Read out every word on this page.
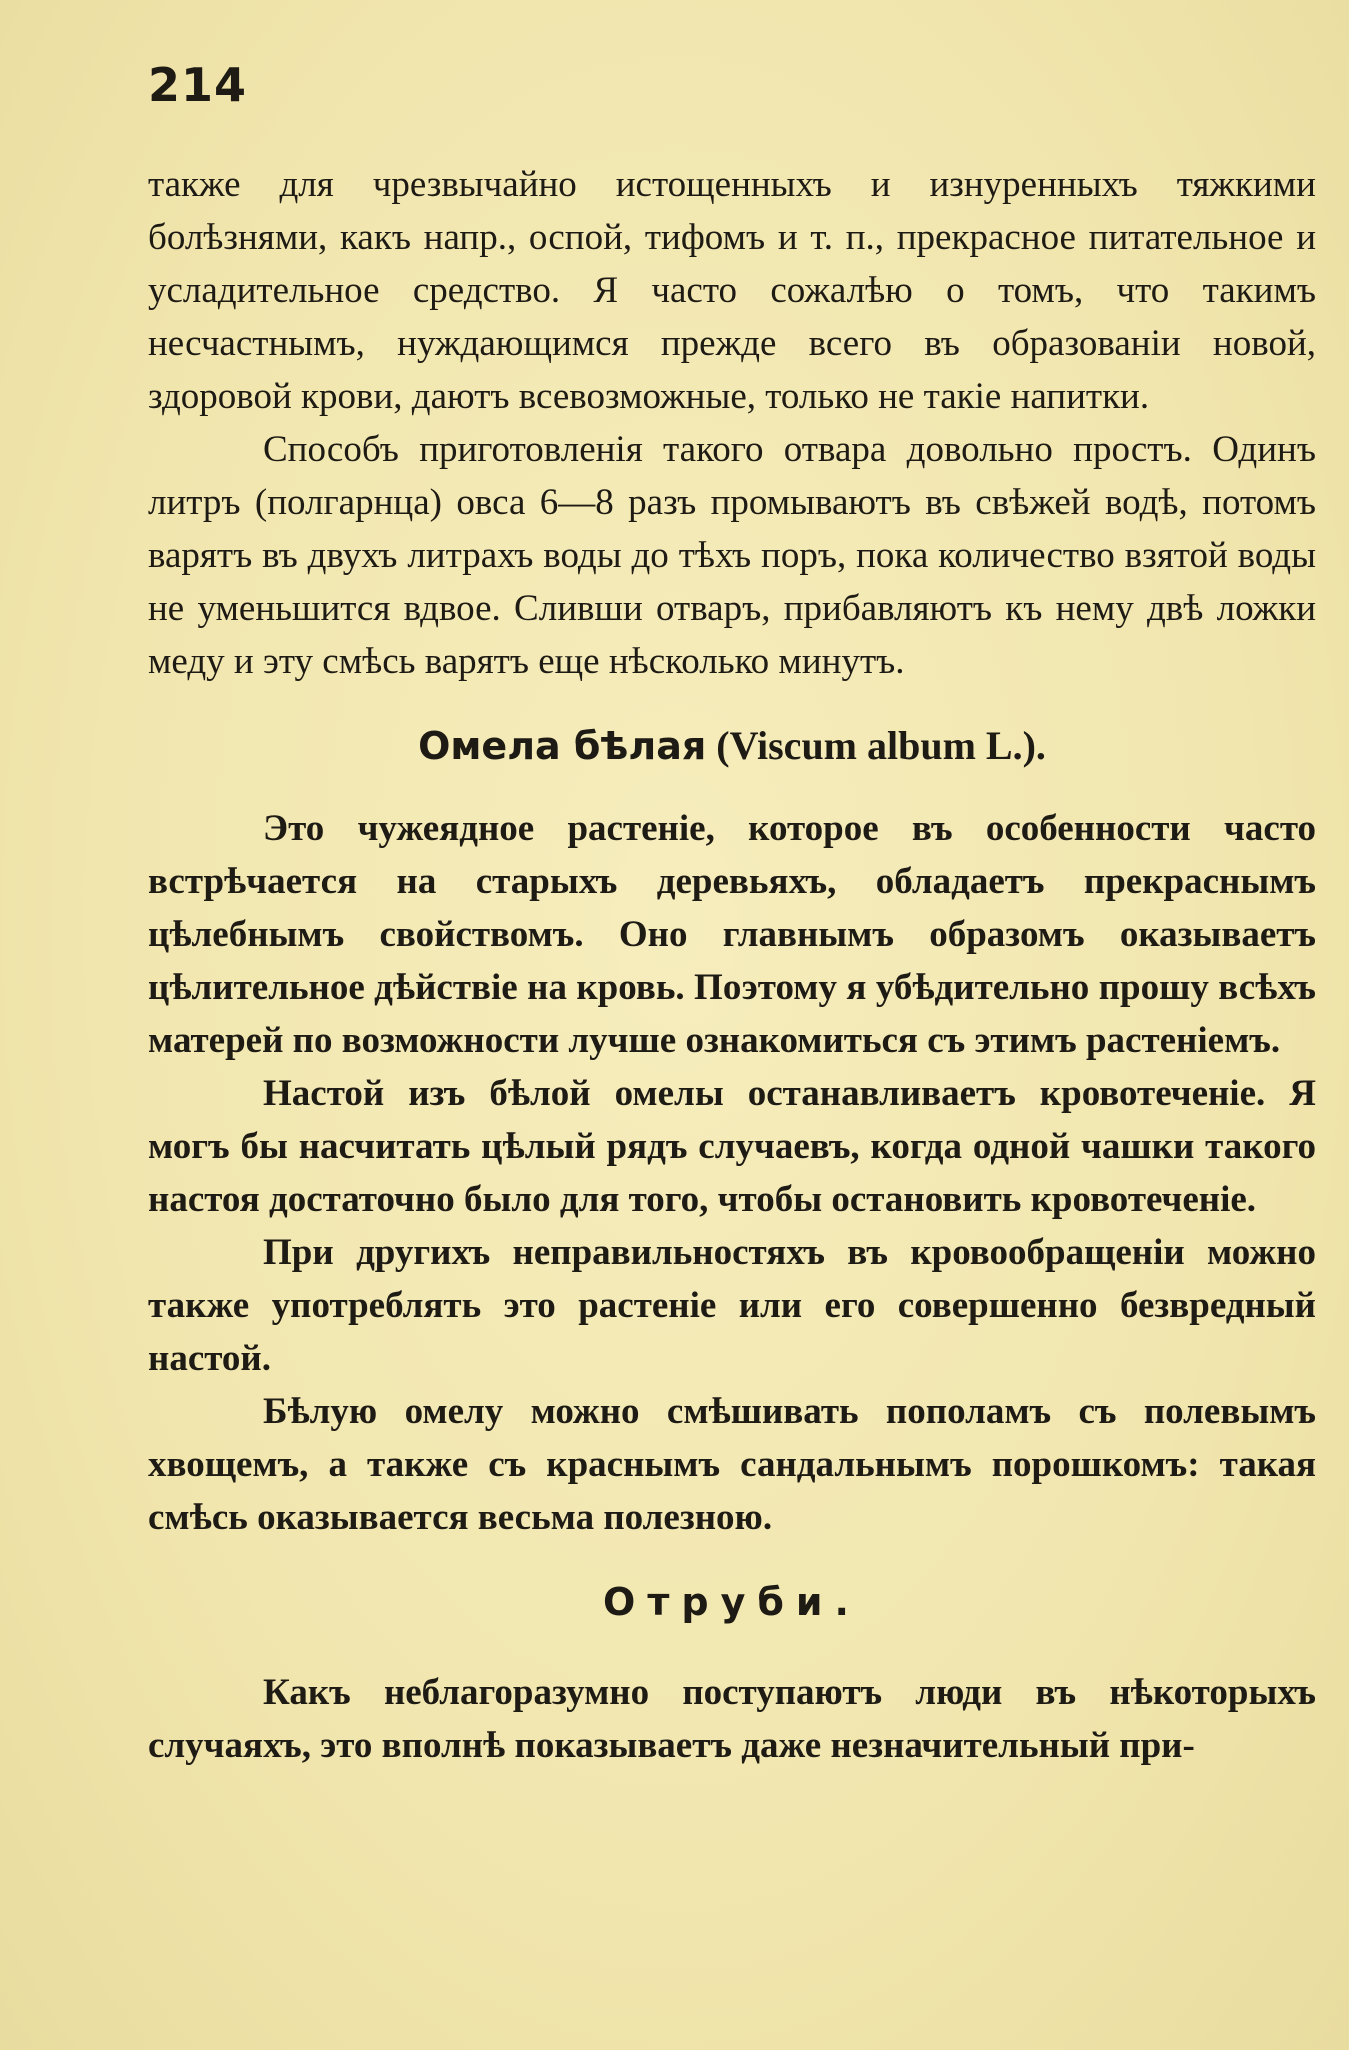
214

также для чрезвычайно истощенныхъ и изнуренныхъ тяжкими болѣзнями, какъ напр., оспой, тифомъ и т. п., прекрасное питательное и усладительное средство. Я часто сожалѣю о томъ, что такимъ несчастнымъ, нуждающимся прежде всего въ образованіи новой, здоровой крови, даютъ всевозможные, только не такіе напитки.

Способъ приготовленія такого отвара довольно простъ. Одинъ литръ (полгарнца) овса 6—8 разъ промываютъ въ свѣжей водѣ, потомъ варятъ въ двухъ литрахъ воды до тѣхъ поръ, пока количество взятой воды не уменьшится вдвое. Сливши отваръ, прибавляютъ къ нему двѣ ложки меду и эту смѣсь варятъ еще нѣсколько минутъ.

Омела бѣлая (Viscum album L.).

Это чужеядное растеніе, которое въ особенности часто встрѣчается на старыхъ деревьяхъ, обладаетъ прекраснымъ цѣлебнымъ свойствомъ. Оно главнымъ образомъ оказываетъ цѣлительное дѣйствіе на кровь. Поэтому я убѣдительно прошу всѣхъ матерей по возможности лучше ознакомиться съ этимъ растеніемъ.

Настой изъ бѣлой омелы останавливаетъ кровотеченіе. Я могъ бы насчитать цѣлый рядъ случаевъ, когда одной чашки такого настоя достаточно было для того, чтобы остановить кровотеченіе.

При другихъ неправильностяхъ въ кровообращеніи можно также употреблять это растеніе или его совершенно безвредный настой.

Бѣлую омелу можно смѣшивать пополамъ съ полевымъ хвощемъ, а также съ краснымъ сандальнымъ порошкомъ: такая смѣсь оказывается весьма полезною.

Отруби.

Какъ неблагоразумно поступаютъ люди въ нѣкоторыхъ случаяхъ, это вполнѣ показываетъ даже незначительный при-
